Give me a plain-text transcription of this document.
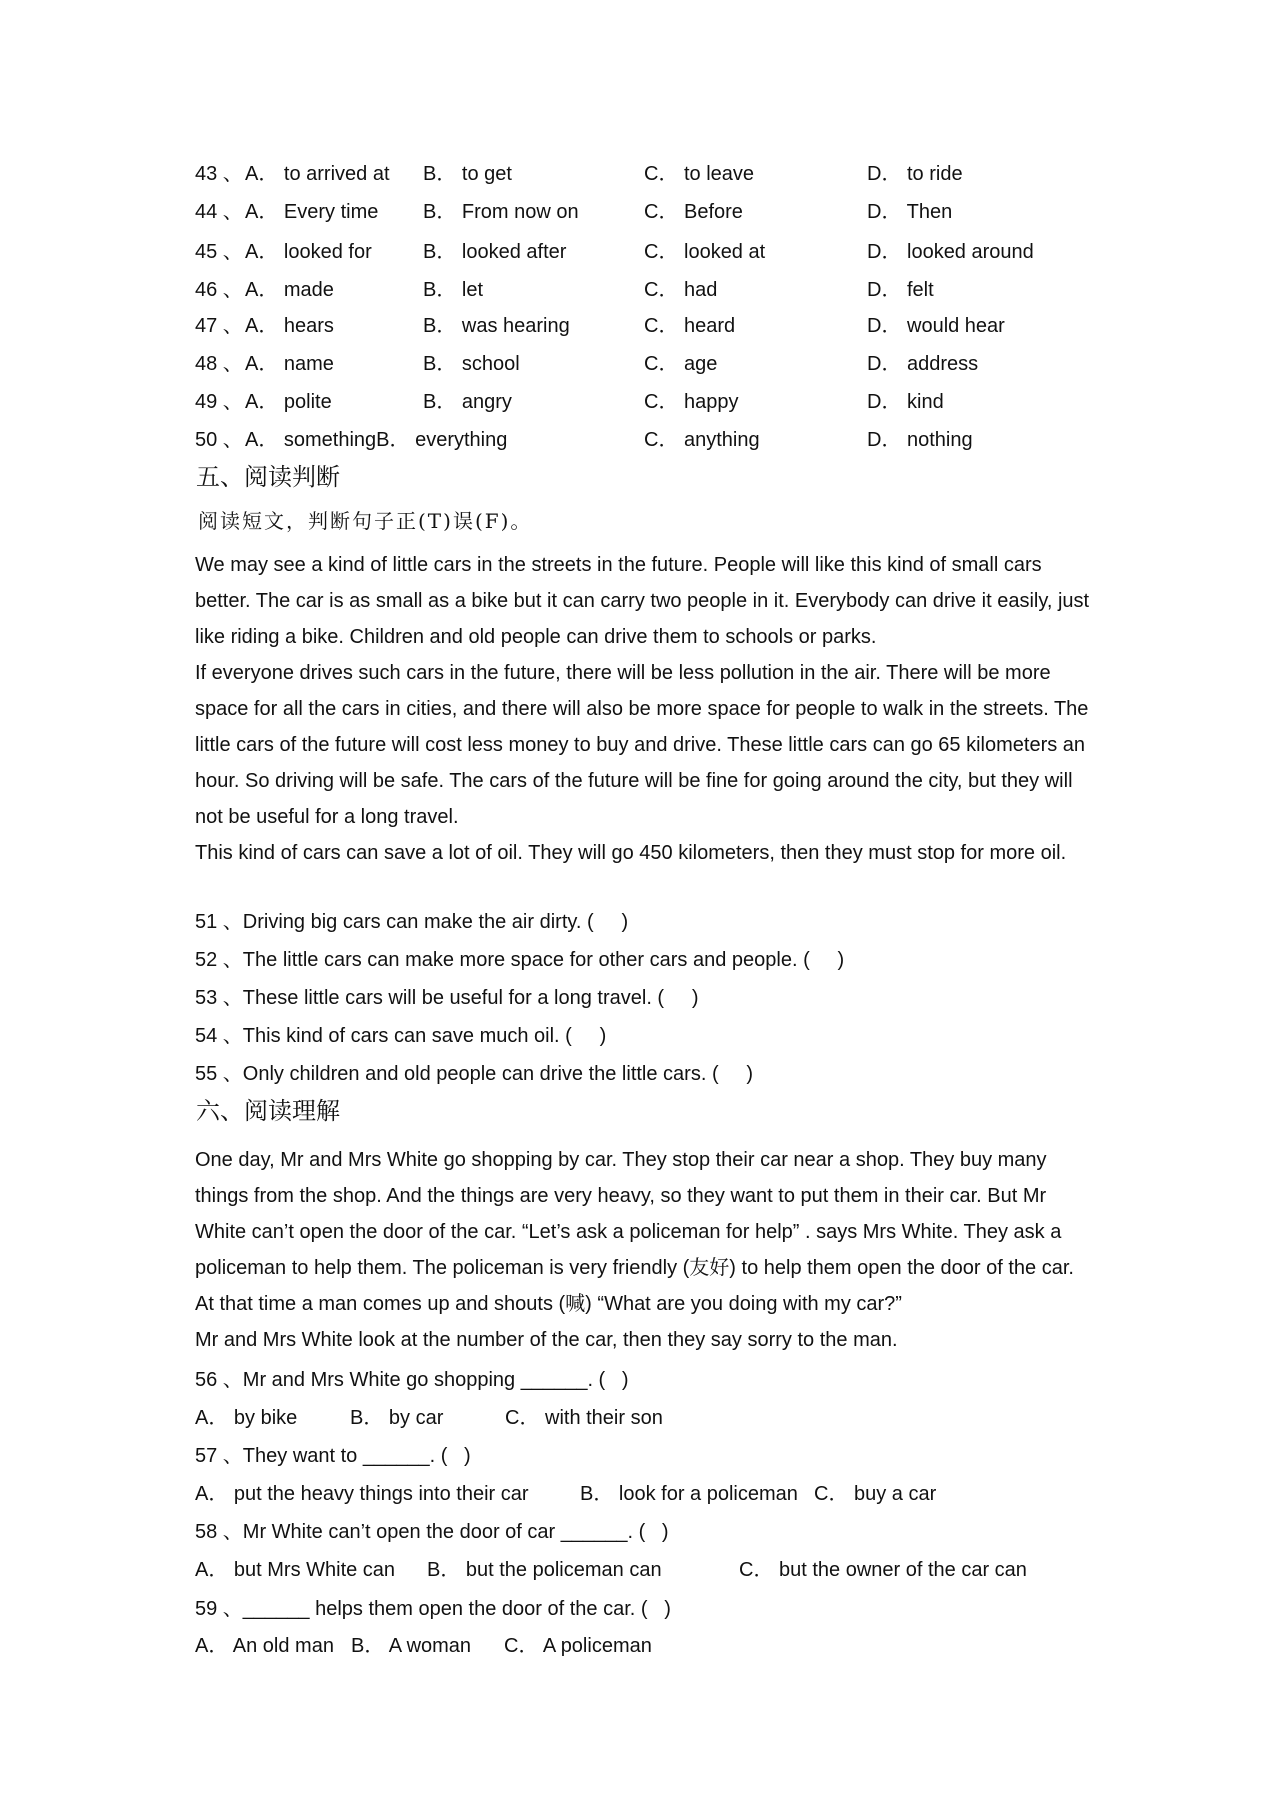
43 、 A． to arrived at B． to get	C． to leave	D． to ride
44 、 A． Every time B． From now on	C． Before	D． Then
45 、 A． looked for	B． looked after	C． looked at	D． looked around
46 、 A． made	B． let	C． had	D． felt
47 、 A． hears	B． was hearing	C． heard	D． would hear
48 、 A． name	B． school	C． age	D． address
49 、 A． polite	B． angry	C． happy	D． kind
50 、 A． somethingB． everything	C． anything	D． nothing
五、阅读判断
阅读短文，判断句子正(T)误(F)。

We may see a kind of little cars in the streets in the future. People will like this kind of small cars better. The car is as small as a bike but it can carry two people in it. Everybody can drive it easily, just like riding a bike. Children and old people can drive them to schools or parks.

If everyone drives such cars in the future, there will be less pollution in the air. There will be more space for all the cars in cities, and there will also be more space for people to walk in the streets. The little cars of the future will cost less money to buy and drive. These little cars can go 65 kilometers an hour. So driving will be safe. The cars of the future will be fine for going around the city, but they will not be useful for a long travel.

This kind of cars can save a lot of oil. They will go 450 kilometers, then they must stop for more oil.

51 、Driving big cars can make the air dirty. (     )
52 、The little cars can make more space for other cars and people. (     )
53 、These little cars will be useful for a long travel. (     )
54 、This kind of cars can save much oil. (     )
55 、Only children and old people can drive the little cars. (     )
六、阅读理解

One day, Mr and Mrs White go shopping by car. They stop their car near a shop. They buy many things from the shop. And the things are very heavy, so they want to put them in their car. But Mr White can’t open the door of the car. “Let’s ask a policeman for help” . says Mrs White. They ask a policeman to help them. The policeman is very friendly (友好) to help them open the door of the car. At that time a man comes up and shouts (喊) “What are you doing with my car?”

Mr and Mrs White look at the number of the car, then they say sorry to the man.

56 、Mr and Mrs White go shopping ______. (   )
A． by bike	B． by car	C． with their son
57 、They want to ______. (   )
A． put the heavy things into their car	B． look for a policeman C． buy a car
58 、Mr White can’t open the door of car ______. (   )
A． but Mrs White can B． but the policeman can	C． but the owner of the car can
59 、______ helps them open the door of the car. (   )
A． An old man B． A woman C． A policeman
